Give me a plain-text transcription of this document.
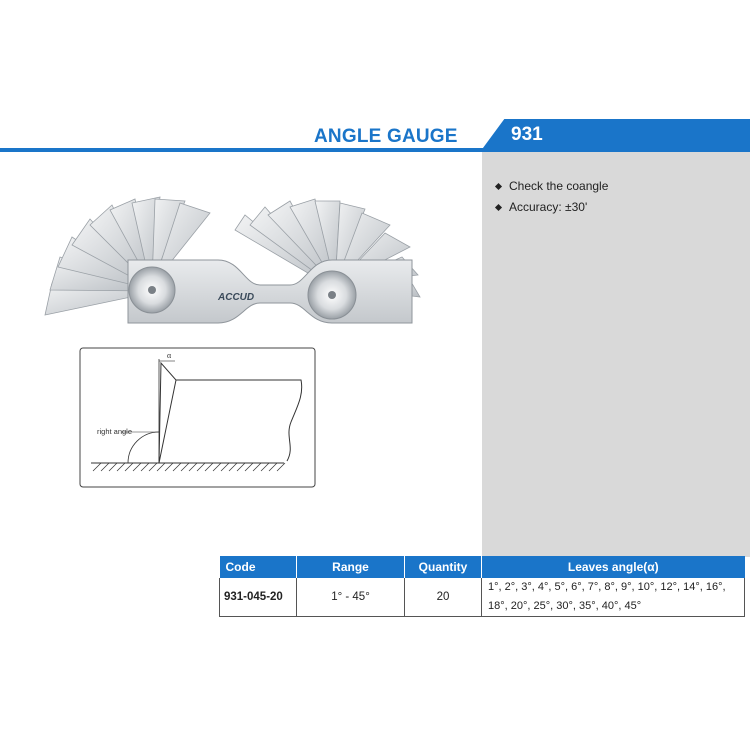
ANGLE GAUGE	931
Check the coangle
Accuracy: ±30'
ACCUD
α
right angle
Code	Range	Quantity	Leaves angle(α)
931-045-20	1° - 45°	20	1°, 2°, 3°, 4°, 5°, 6°, 7°, 8°, 9°, 10°, 12°, 14°, 16°, 18°, 20°, 25°, 30°, 35°, 40°, 45°
